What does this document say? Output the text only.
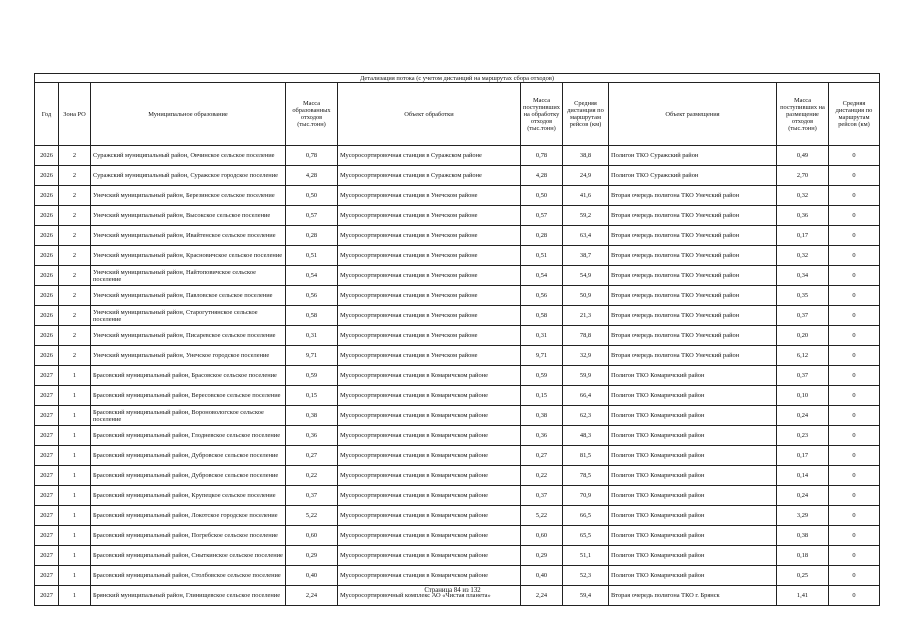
Детализация потока (с учетом дистанций на маршрутах сбора отходов)									
Год	Зона РО	Муниципальное образование	Масса образованных отходов (тыс.тонн)	Объект обработки	Масса поступивших на обработку отходов (тыс.тонн)	Средняя дистанция по маршрутам рейсов (км)	Объект размещения	Масса поступивших на размещение отходов (тыс.тонн)	Средняя дистанция по маршрутам рейсов (км)
2026	2	Суражский муниципальный район, Овчинское сельское поселение	0,78	Мусоросортировочная станция в Суражском районе	0,78	38,8	Полигон ТКО Суражский район	0,49	0
2026	2	Суражский муниципальный район, Суражское городское поселение	4,28	Мусоросортировочная станция в Суражском районе	4,28	24,9	Полигон ТКО Суражский район	2,70	0
2026	2	Унечский муниципальный район, Березинское сельское поселение	0,50	Мусоросортировочная станция в Унечском районе	0,50	41,6	Вторая очередь полигона ТКО Унечский район	0,32	0
2026	2	Унечский муниципальный район, Высокское сельское поселение	0,57	Мусоросортировочная станция в Унечском районе	0,57	59,2	Вторая очередь полигона ТКО Унечский район	0,36	0
2026	2	Унечский муниципальный район, Ивайтенское сельское поселение	0,28	Мусоросортировочная станция в Унечском районе	0,28	63,4	Вторая очередь полигона ТКО Унечский район	0,17	0
2026	2	Унечский муниципальный район, Красновичское сельское поселение	0,51	Мусоросортировочная станция в Унечском районе	0,51	38,7	Вторая очередь полигона ТКО Унечский район	0,32	0
2026	2	Унечский муниципальный район, Найтоповичское сельское поселение	0,54	Мусоросортировочная станция в Унечском районе	0,54	54,9	Вторая очередь полигона ТКО Унечский район	0,34	0
2026	2	Унечский муниципальный район, Павловское сельское поселение	0,56	Мусоросортировочная станция в Унечском районе	0,56	50,9	Вторая очередь полигона ТКО Унечский район	0,35	0
2026	2	Унечский муниципальный район, Старогутнянское сельское поселение	0,58	Мусоросортировочная станция в Унечском районе	0,58	21,3	Вторая очередь полигона ТКО Унечский район	0,37	0
2026	2	Унечский муниципальный район, Писаревское сельское поселение	0,31	Мусоросортировочная станция в Унечском районе	0,31	78,8	Вторая очередь полигона ТКО Унечский район	0,20	0
2026	2	Унечский муниципальный район, Унечское городское поселение	9,71	Мусоросортировочная станция в Унечском районе	9,71	32,9	Вторая очередь полигона ТКО Унечский район	6,12	0
2027	1	Брасовский муниципальный район, Брасовское сельское поселение	0,59	Мусоросортировочная станция в Комаричском районе	0,59	59,9	Полигон ТКО Комаричский район	0,37	0
2027	1	Брасовский муниципальный район, Вересовское сельское поселение	0,15	Мусоросортировочная станция в Комаричском районе	0,15	66,4	Полигон ТКО Комаричский район	0,10	0
2027	1	Брасовский муниципальный район, Вороновологское сельское поселение	0,38	Мусоросортировочная станция в Комаричском районе	0,38	62,3	Полигон ТКО Комаричский район	0,24	0
2027	1	Брасовский муниципальный район, Глодневское сельское поселение	0,36	Мусоросортировочная станция в Комаричском районе	0,36	48,3	Полигон ТКО Комаричский район	0,23	0
2027	1	Брасовский муниципальный район, Дубровское сельское поселение	0,27	Мусоросортировочная станция в Комаричском районе	0,27	81,5	Полигон ТКО Комаричский район	0,17	0
2027	1	Брасовский муниципальный район, Дубровское сельское поселение	0,22	Мусоросортировочная станция в Комаричском районе	0,22	78,5	Полигон ТКО Комаричский район	0,14	0
2027	1	Брасовский муниципальный район, Крупецкое сельское поселение	0,37	Мусоросортировочная станция в Комаричском районе	0,37	70,9	Полигон ТКО Комаричский район	0,24	0
2027	1	Брасовский муниципальный район, Локотское городское поселение	5,22	Мусоросортировочная станция в Комаричском районе	5,22	66,5	Полигон ТКО Комаричский район	3,29	0
2027	1	Брасовский муниципальный район, Погребское сельское поселение	0,60	Мусоросортировочная станция в Комаричском районе	0,60	65,5	Полигон ТКО Комаричский район	0,38	0
2027	1	Брасовский муниципальный район, Сныткинское сельское поселение	0,29	Мусоросортировочная станция в Комаричском районе	0,29	51,1	Полигон ТКО Комаричский район	0,18	0
2027	1	Брасовский муниципальный район, Столбовское сельское поселение	0,40	Мусоросортировочная станция в Комаричском районе	0,40	52,3	Полигон ТКО Комаричский район	0,25	0
2027	1	Брянский муниципальный район, Глинищевское сельское поселение	2,24	Мусоросортировочный комплекс АО «Чистая планета»	2,24	59,4	Вторая очередь полигона ТКО г. Брянск	1,41	0
Страница 84 из 132
